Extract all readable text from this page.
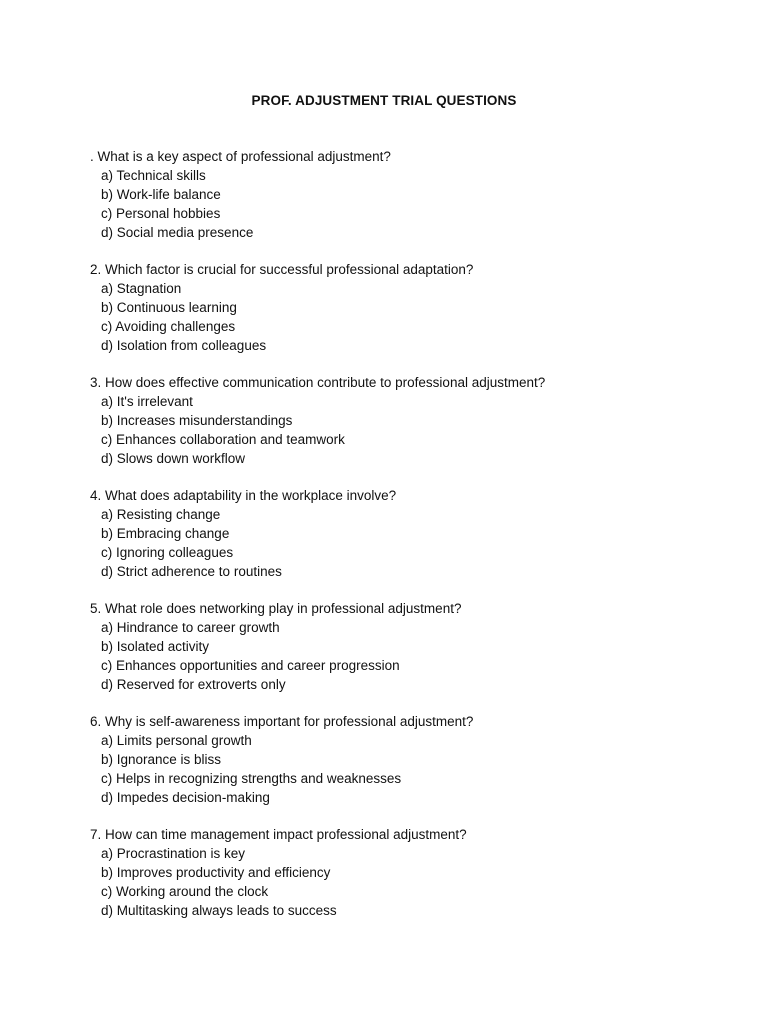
PROF. ADJUSTMENT TRIAL QUESTIONS
. What is a key aspect of professional adjustment?
a) Technical skills
b) Work-life balance
c) Personal hobbies
d) Social media presence
2. Which factor is crucial for successful professional adaptation?
a) Stagnation
b) Continuous learning
c) Avoiding challenges
d) Isolation from colleagues
3. How does effective communication contribute to professional adjustment?
a) It's irrelevant
b) Increases misunderstandings
c) Enhances collaboration and teamwork
d) Slows down workflow
4. What does adaptability in the workplace involve?
a) Resisting change
b) Embracing change
c) Ignoring colleagues
d) Strict adherence to routines
5. What role does networking play in professional adjustment?
a) Hindrance to career growth
b) Isolated activity
c) Enhances opportunities and career progression
d) Reserved for extroverts only
6. Why is self-awareness important for professional adjustment?
a) Limits personal growth
b) Ignorance is bliss
c) Helps in recognizing strengths and weaknesses
d) Impedes decision-making
7. How can time management impact professional adjustment?
a) Procrastination is key
b) Improves productivity and efficiency
c) Working around the clock
d) Multitasking always leads to success
